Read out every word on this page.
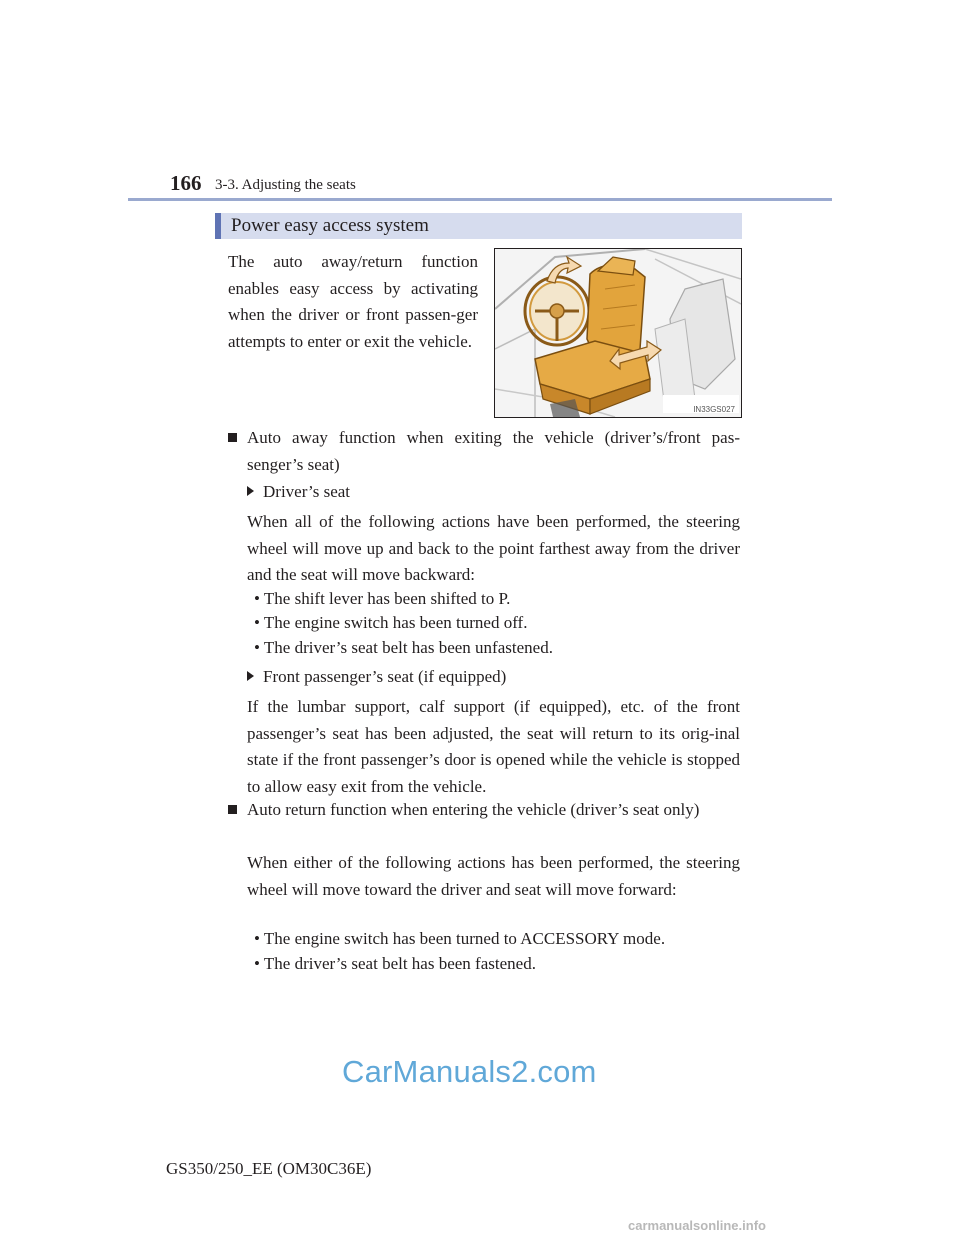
166 3-3. Adjusting the seats
Power easy access system
The auto away/return function enables easy access by activating when the driver or front passen-ger attempts to enter or exit the vehicle.
IN33GS027
Auto away function when exiting the vehicle (driver’s/front pas-senger’s seat)
Driver’s seat
When all of the following actions have been performed, the steering wheel will move up and back to the point farthest away from the driver and the seat will move backward:
• The shift lever has been shifted to P.
• The engine switch has been turned off.
• The driver’s seat belt has been unfastened.
Front passenger’s seat (if equipped)
If the lumbar support, calf support (if equipped), etc. of the front passenger’s seat has been adjusted, the seat will return to its orig-inal state if the front passenger’s door is opened while the vehicle is stopped to allow easy exit from the vehicle.
Auto return function when entering the vehicle (driver’s seat only)
When either of the following actions has been performed, the steering wheel will move toward the driver and seat will move forward:
• The engine switch has been turned to ACCESSORY mode.
• The driver’s seat belt has been fastened.
CarManuals2.com
GS350/250_EE (OM30C36E)
carmanualsonline.info
